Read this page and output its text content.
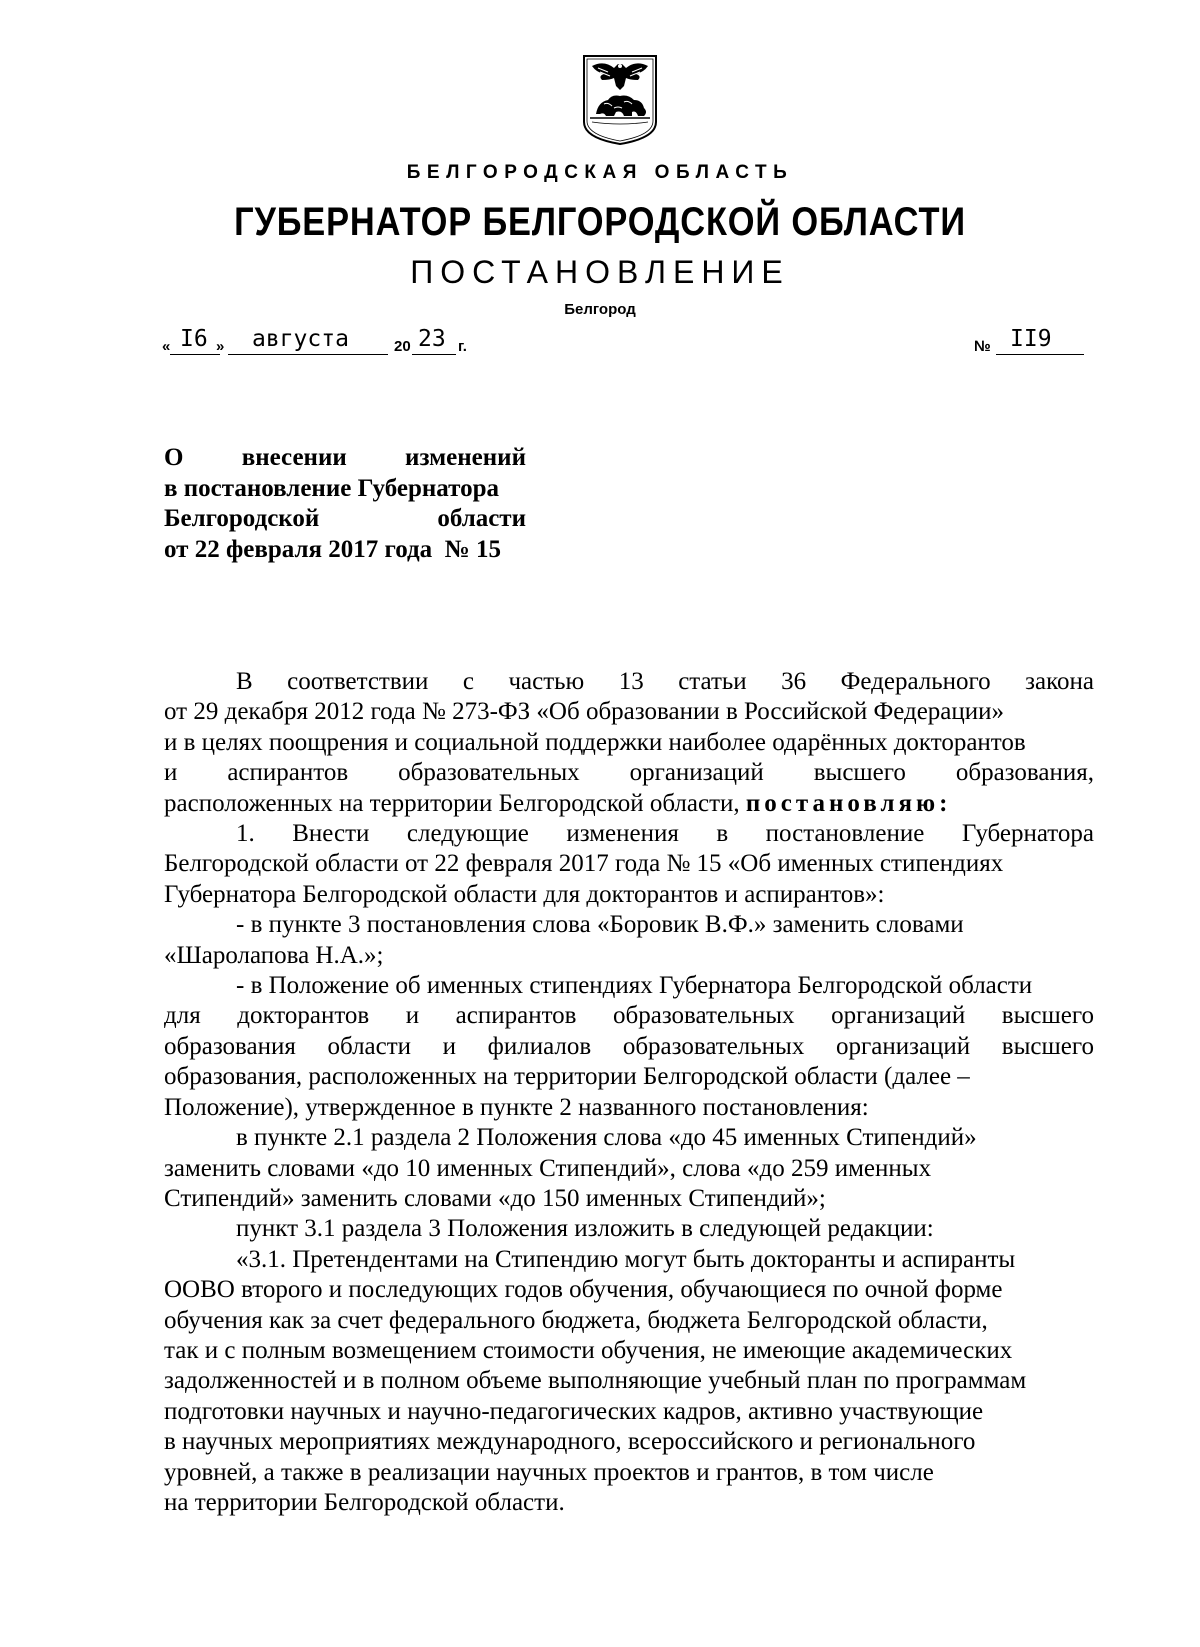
БЕЛГОРОДСКАЯ ОБЛАСТЬ
ГУБЕРНАТОР БЕЛГОРОДСКОЙ ОБЛАСТИ
ПОСТАНОВЛЕНИЕ
Белгород
« I6 » августа	20 23 г.	№ II9
О внесении изменений
в постановление Губернатора
Белгородской	области
от 22 февраля 2017 года  № 15
В соответствии с частью 13 статьи 36 Федерального закона
от 29 декабря 2012 года № 273-ФЗ «Об образовании в Российской Федерации»
и в целях поощрения и социальной поддержки наиболее одарённых докторантов
и аспирантов образовательных организаций высшего образования,
расположенных на территории Белгородской области, постановляю:
1. Внести следующие изменения в постановление Губернатора
Белгородской области от 22 февраля 2017 года № 15 «Об именных стипендиях
Губернатора Белгородской области для докторантов и аспирантов»:
- в пункте 3 постановления слова «Боровик В.Ф.» заменить словами
«Шаролапова Н.А.»;
- в Положение об именных стипендиях Губернатора Белгородской области
для докторантов и аспирантов образовательных организаций высшего
образования области и филиалов образовательных организаций высшего
образования, расположенных на территории Белгородской области (далее –
Положение), утвержденное в пункте 2 названного постановления:
в пункте 2.1 раздела 2 Положения слова «до 45 именных Стипендий»
заменить словами «до 10 именных Стипендий», слова «до 259 именных
Стипендий» заменить словами «до 150 именных Стипендий»;
пункт 3.1 раздела 3 Положения изложить в следующей редакции:
«3.1. Претендентами на Стипендию могут быть докторанты и аспиранты
ООВО второго и последующих годов обучения, обучающиеся по очной форме
обучения как за счет федерального бюджета, бюджета Белгородской области,
так и с полным возмещением стоимости обучения, не имеющие академических
задолженностей и в полном объеме выполняющие учебный план по программам
подготовки научных и научно-педагогических кадров, активно участвующие
в научных мероприятиях международного, всероссийского и регионального
уровней, а также в реализации научных проектов и грантов, в том числе
на территории Белгородской области.
